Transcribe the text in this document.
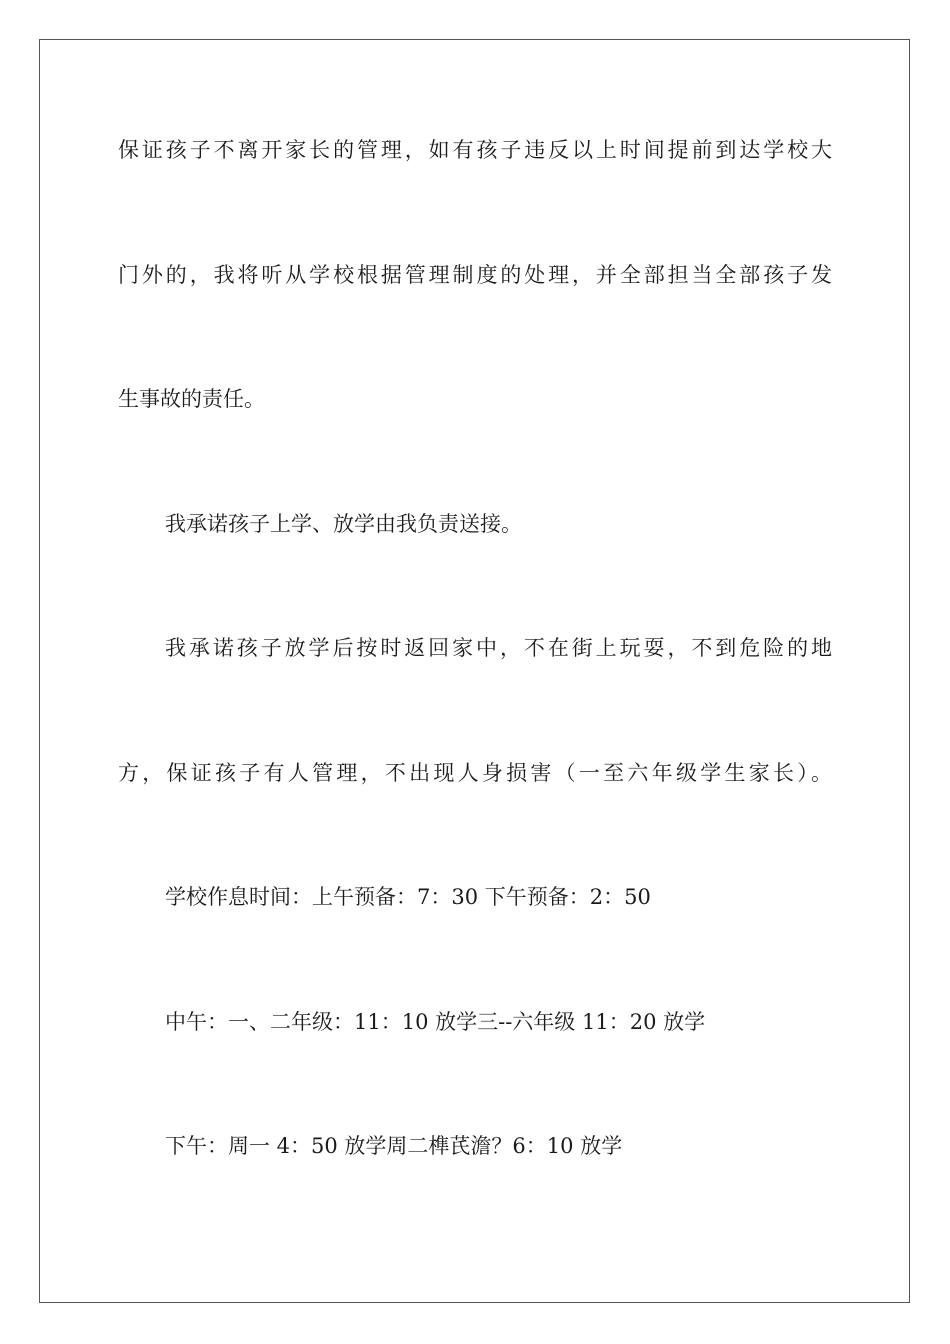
保证孩子不离开家长的管理，如有孩子违反以上时间提前到达学校大

门外的，我将听从学校根据管理制度的处理，并全部担当全部孩子发

生事故的责任。

我承诺孩子上学、放学由我负责送接。

我承诺孩子放学后按时返回家中，不在街上玩耍，不到危险的地

方，保证孩子有人管理，不出现人身损害（一至六年级学生家长）。

学校作息时间：上午预备：7：30 下午预备：2：50

中午：一、二年级：11：10 放学三--六年级 11：20 放学

下午：周一 4：50 放学周二榫芪澹？6：10 放学
